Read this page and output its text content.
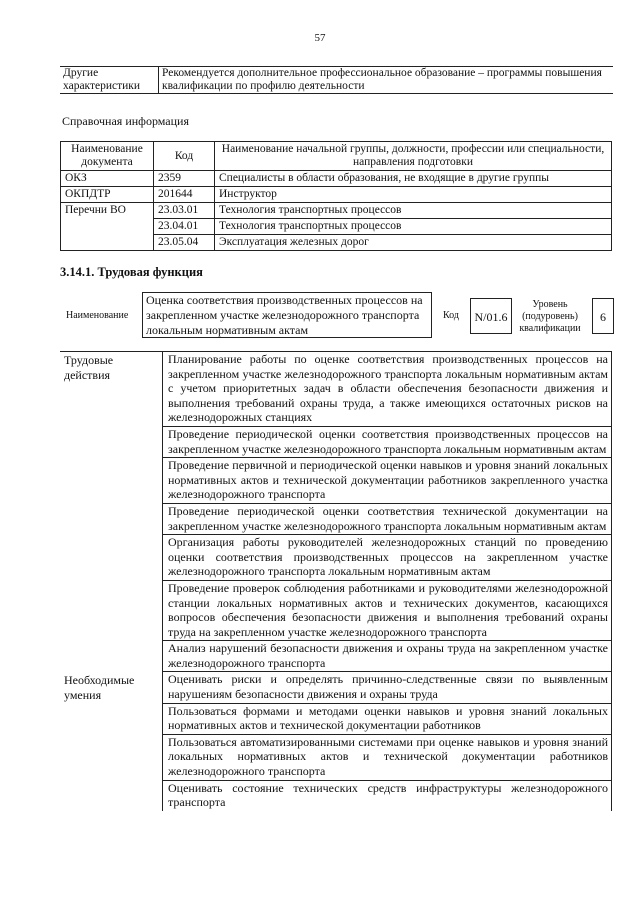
57
Другие характеристики	Рекомендуется дополнительное профессиональное образование – программы повышения квалификации по профилю деятельности
Справочная информация
Наименование документа	Код	Наименование начальной группы, должности, профессии или специальности, направления подготовки
ОКЗ	2359	Специалисты в области образования, не входящие в другие группы
ОКПДТР	201644	Инструктор
Перечни ВО	23.03.01	Технология транспортных процессов
	23.04.01	Технология транспортных процессов
	23.05.04	Эксплуатация железных дорог
3.14.1. Трудовая функция
Наименование
Оценка соответствия производственных процессов на закрепленном участке железнодорожного транспорта локальным нормативным актам
Код	N/01.6
Уровень (подуровень) квалификации
6
Трудовые действия	Планирование работы по оценке соответствия производственных процессов на закрепленном участке железнодорожного транспорта локальным нормативным актам с учетом приоритетных задач в области обеспечения безопасности движения и выполнения требований охраны труда, а также имеющихся остаточных рисков на железнодорожных станциях
	Проведение периодической оценки соответствия производственных процессов на закрепленном участке железнодорожного транспорта локальным нормативным актам
	Проведение первичной и периодической оценки навыков и уровня знаний локальных нормативных актов и технической документации работников закрепленного участка железнодорожного транспорта
	Проведение периодической оценки соответствия технической документации на закрепленном участке железнодорожного транспорта локальным нормативным актам
	Организация работы руководителей железнодорожных станций по проведению оценки соответствия производственных процессов на закрепленном участке железнодорожного транспорта локальным нормативным актам
	Проведение проверок соблюдения работниками и руководителями железнодорожной станции локальных нормативных актов и технических документов, касающихся вопросов обеспечения безопасности движения и выполнения требований охраны труда на закрепленном участке железнодорожного транспорта
	Анализ нарушений безопасности движения и охраны труда на закрепленном участке железнодорожного транспорта
Необходимые умения	Оценивать риски и определять причинно-следственные связи по выявленным нарушениям безопасности движения и охраны труда
	Пользоваться формами и методами оценки навыков и уровня знаний локальных нормативных актов и технической документации работников
	Пользоваться автоматизированными системами при оценке навыков и уровня знаний локальных нормативных актов и технической документации работников железнодорожного транспорта
	Оценивать состояние технических средств инфраструктуры железнодорожного транспорта
